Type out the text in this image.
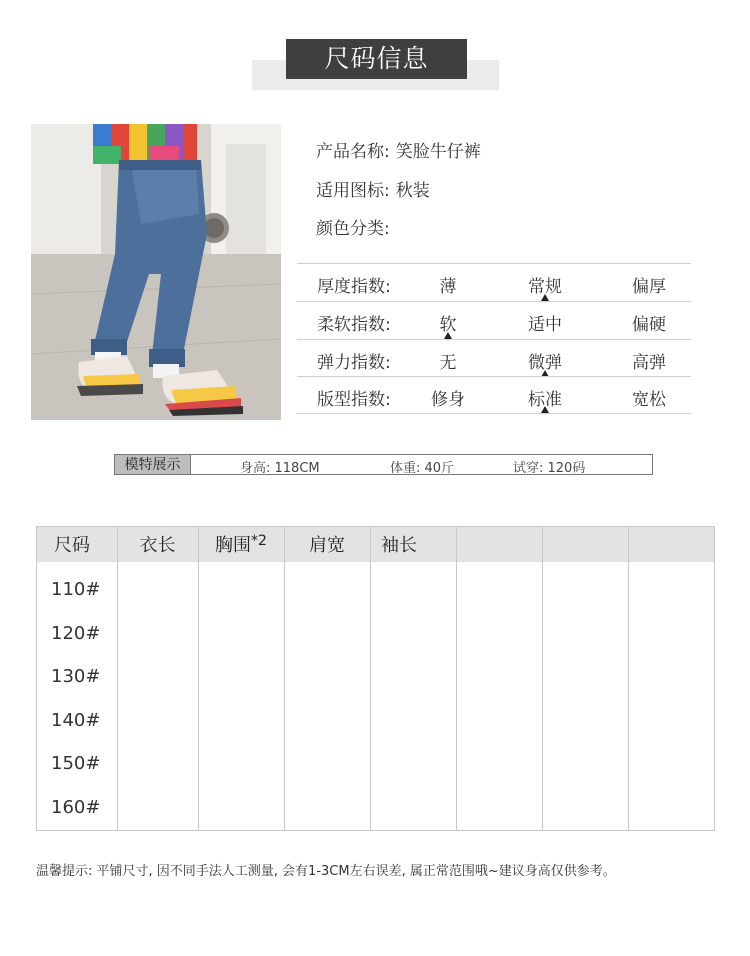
尺码信息
产品名称: 笑脸牛仔裤
适用图标: 秋装
颜色分类:
厚度指数:	薄	常规	偏厚
柔软指数:	软	适中	偏硬
弹力指数:	无	微弹	高弹
版型指数: 修身	标准	宽松
模特展示	身高: 118CM	体重: 40斤	试穿: 120码
尺码	衣长	胸围$^{*2}$	肩宽	袖长
110#
120#
130#
140#
150#
160#
温馨提示: 平铺尺寸, 因不同手法人工测量, 会有1-3CM左右误差, 属正常范围哦~建议身高仅供参考。
